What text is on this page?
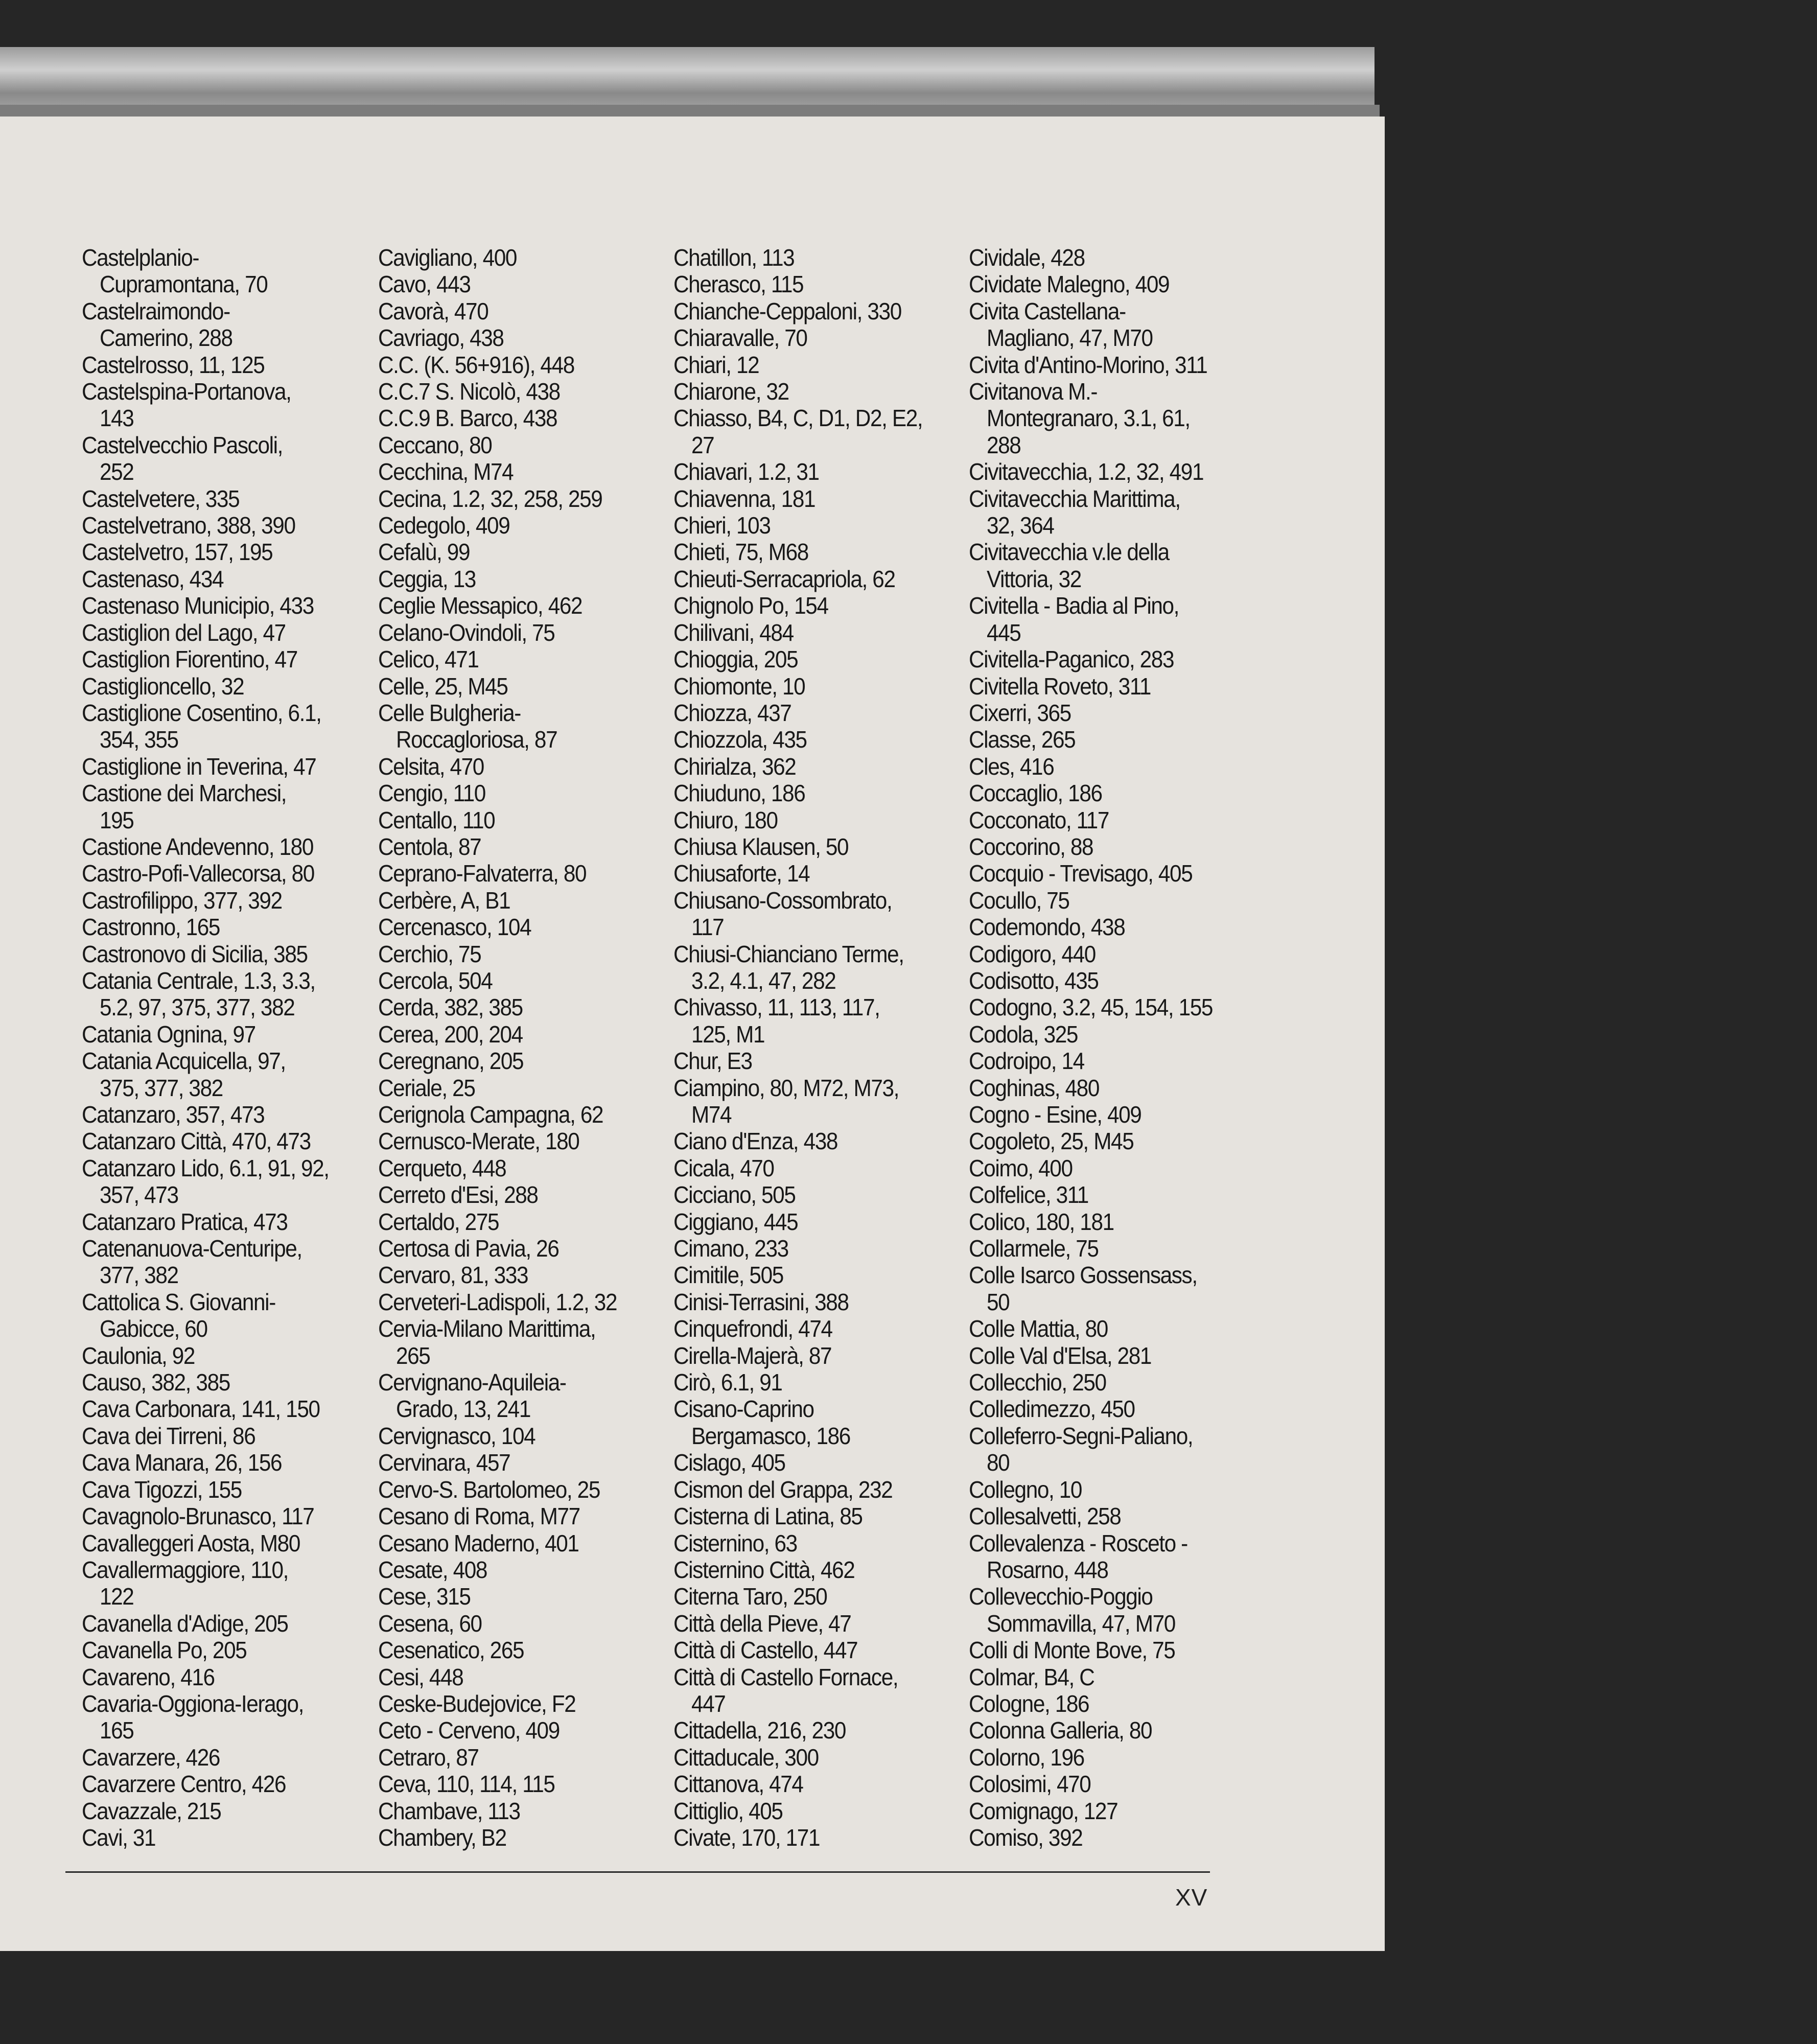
Castelplanio-
Cupramontana, 70
Castelraimondo-
Camerino, 288
Castelrosso, 11, 125
Castelspina-Portanova,
143
Castelvecchio Pascoli,
252
Castelvetere, 335
Castelvetrano, 388, 390
Castelvetro, 157, 195
Castenaso, 434
Castenaso Municipio, 433
Castiglion del Lago, 47
Castiglion Fiorentino, 47
Castiglioncello, 32
Castiglione Cosentino, 6.1,
354, 355
Castiglione in Teverina, 47
Castione dei Marchesi,
195
Castione Andevenno, 180
Castro-Pofi-Vallecorsa, 80
Castrofilippo, 377, 392
Castronno, 165
Castronovo di Sicilia, 385
Catania Centrale, 1.3, 3.3,
5.2, 97, 375, 377, 382
Catania Ognina, 97
Catania Acquicella, 97,
375, 377, 382
Catanzaro, 357, 473
Catanzaro Città, 470, 473
Catanzaro Lido, 6.1, 91, 92,
357, 473
Catanzaro Pratica, 473
Catenanuova-Centuripe,
377, 382
Cattolica S. Giovanni-
Gabicce, 60
Caulonia, 92
Causo, 382, 385
Cava Carbonara, 141, 150
Cava dei Tirreni, 86
Cava Manara, 26, 156
Cava Tigozzi, 155
Cavagnolo-Brunasco, 117
Cavalleggeri Aosta, M80
Cavallermaggiore, 110,
122
Cavanella d'Adige, 205
Cavanella Po, 205
Cavareno, 416
Cavaria-Oggiona-Ierago,
165
Cavarzere, 426
Cavarzere Centro, 426
Cavazzale, 215
Cavi, 31
Cavigliano, 400
Cavo, 443
Cavorà, 470
Cavriago, 438
C.C. (K. 56+916), 448
C.C.7 S. Nicolò, 438
C.C.9 B. Barco, 438
Ceccano, 80
Cecchina, M74
Cecina, 1.2, 32, 258, 259
Cedegolo, 409
Cefalù, 99
Ceggia, 13
Ceglie Messapico, 462
Celano-Ovindoli, 75
Celico, 471
Celle, 25, M45
Celle Bulgheria-
Roccagloriosa, 87
Celsita, 470
Cengio, 110
Centallo, 110
Centola, 87
Ceprano-Falvaterra, 80
Cerbère, A, B1
Cercenasco, 104
Cerchio, 75
Cercola, 504
Cerda, 382, 385
Cerea, 200, 204
Ceregnano, 205
Ceriale, 25
Cerignola Campagna, 62
Cernusco-Merate, 180
Cerqueto, 448
Cerreto d'Esi, 288
Certaldo, 275
Certosa di Pavia, 26
Cervaro, 81, 333
Cerveteri-Ladispoli, 1.2, 32
Cervia-Milano Marittima,
265
Cervignano-Aquileia-
Grado, 13, 241
Cervignasco, 104
Cervinara, 457
Cervo-S. Bartolomeo, 25
Cesano di Roma, M77
Cesano Maderno, 401
Cesate, 408
Cese, 315
Cesena, 60
Cesenatico, 265
Cesi, 448
Ceske-Budejovice, F2
Ceto - Cerveno, 409
Cetraro, 87
Ceva, 110, 114, 115
Chambave, 113
Chambery, B2
Chatillon, 113
Cherasco, 115
Chianche-Ceppaloni, 330
Chiaravalle, 70
Chiari, 12
Chiarone, 32
Chiasso, B4, C, D1, D2, E2,
27
Chiavari, 1.2, 31
Chiavenna, 181
Chieri, 103
Chieti, 75, M68
Chieuti-Serracapriola, 62
Chignolo Po, 154
Chilivani, 484
Chioggia, 205
Chiomonte, 10
Chiozza, 437
Chiozzola, 435
Chirialza, 362
Chiuduno, 186
Chiuro, 180
Chiusa Klausen, 50
Chiusaforte, 14
Chiusano-Cossombrato,
117
Chiusi-Chianciano Terme,
3.2, 4.1, 47, 282
Chivasso, 11, 113, 117,
125, M1
Chur, E3
Ciampino, 80, M72, M73,
M74
Ciano d'Enza, 438
Cicala, 470
Cicciano, 505
Ciggiano, 445
Cimano, 233
Cimitile, 505
Cinisi-Terrasini, 388
Cinquefrondi, 474
Cirella-Majerà, 87
Cirò, 6.1, 91
Cisano-Caprino
Bergamasco, 186
Cislago, 405
Cismon del Grappa, 232
Cisterna di Latina, 85
Cisternino, 63
Cisternino Città, 462
Citerna Taro, 250
Città della Pieve, 47
Città di Castello, 447
Città di Castello Fornace,
447
Cittadella, 216, 230
Cittaducale, 300
Cittanova, 474
Cittiglio, 405
Civate, 170, 171
Cividale, 428
Cividate Malegno, 409
Civita Castellana-
Magliano, 47, M70
Civita d'Antino-Morino, 311
Civitanova M.-
Montegranaro, 3.1, 61,
288
Civitavecchia, 1.2, 32, 491
Civitavecchia Marittima,
32, 364
Civitavecchia v.le della
Vittoria, 32
Civitella - Badia al Pino,
445
Civitella-Paganico, 283
Civitella Roveto, 311
Cixerri, 365
Classe, 265
Cles, 416
Coccaglio, 186
Cocconato, 117
Coccorino, 88
Cocquio - Trevisago, 405
Cocullo, 75
Codemondo, 438
Codigoro, 440
Codisotto, 435
Codogno, 3.2, 45, 154, 155
Codola, 325
Codroipo, 14
Coghinas, 480
Cogno - Esine, 409
Cogoleto, 25, M45
Coimo, 400
Colfelice, 311
Colico, 180, 181
Collarmele, 75
Colle Isarco Gossensass,
50
Colle Mattia, 80
Colle Val d'Elsa, 281
Collecchio, 250
Colledimezzo, 450
Colleferro-Segni-Paliano,
80
Collegno, 10
Collesalvetti, 258
Collevalenza - Rosceto -
Rosarno, 448
Collevecchio-Poggio
Sommavilla, 47, M70
Colli di Monte Bove, 75
Colmar, B4, C
Cologne, 186
Colonna Galleria, 80
Colorno, 196
Colosimi, 470
Comignago, 127
Comiso, 392
XV
